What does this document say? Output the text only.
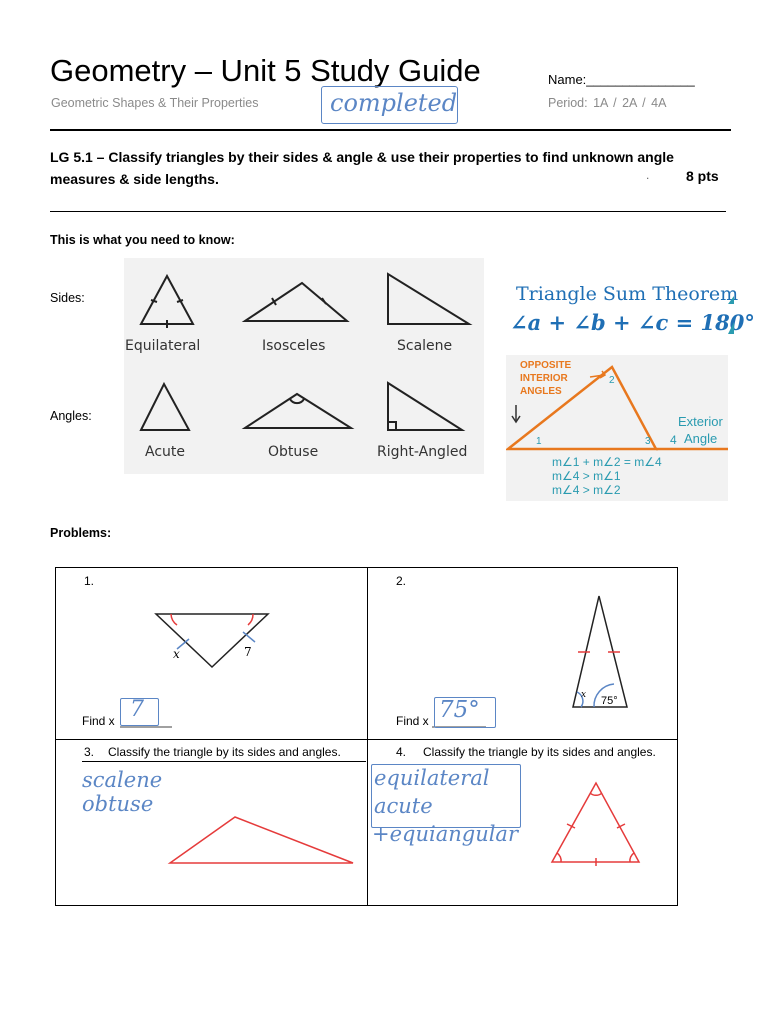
Geometry – Unit 5 Study Guide
Geometric Shapes & Their Properties	completed
Name:_______________
Period: 1A / 2A / 4A
LG 5.1 – Classify triangles by their sides & angle & use their properties to find unknown angle measures & side lengths.	.	8 pts
This is what you need to know:
Sides:
Angles:
Equilateral	Isosceles	Scalene
Acute	Obtuse	Right-Angled
Triangle Sum Theorem
∠a + ∠b + ∠c = 180°
OPPOSITE
INTERIOR
ANGLES
1
2
3 4
Exterior
Angle
m∠1 + m∠2 = m∠4
m∠4 > m∠1
m∠4 > m∠2
Problems:
1.
x	7
Find x 7
2.
x 75°
Find x 75°
3. Classify the triangle by its sides and angles.
scalene
obtuse
4. Classify the triangle by its sides and angles.
equilateral
acute
+equiangular
